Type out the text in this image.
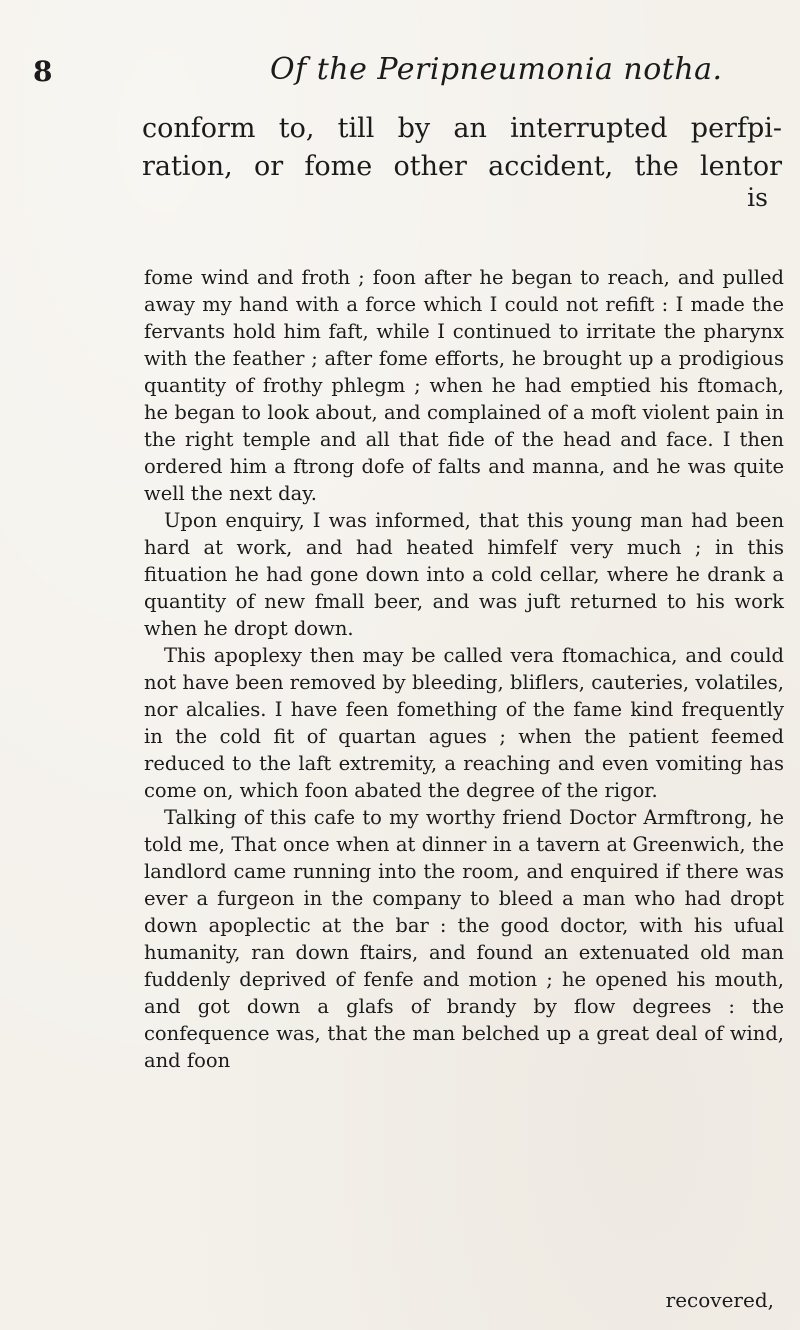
8	Of the Peripneumonia notha.
conform to, till by an interrupted perfpi-
ration, or fome other accident, the lentor
is

fome wind and froth ; foon after he began to reach, and pulled away my hand with a force which I could not refift : I made the fervants hold him faft, while I continued to irritate the pharynx with the feather ; after fome efforts, he brought up a prodigious quantity of frothy phlegm ; when he had emptied his ftomach, he began to look about, and complained of a moft violent pain in the right temple and all that fide of the head and face. I then ordered him a ftrong dofe of falts and manna, and he was quite well the next day.

Upon enquiry, I was informed, that this young man had been hard at work, and had heated himfelf very much ; in this fituation he had gone down into a cold cellar, where he drank a quantity of new fmall beer, and was juft returned to his work when he dropt down.

This apoplexy then may be called vera ftomachica, and could not have been removed by bleeding, bliflers, cauteries, volatiles, nor alcalies. I have feen fomething of the fame kind frequently in the cold fit of quartan agues ; when the patient feemed reduced to the laft extremity, a reaching and even vomiting has come on, which foon abated the degree of the rigor.

Talking of this cafe to my worthy friend Doctor Armftrong, he told me, That once when at dinner in a tavern at Greenwich, the landlord came running into the room, and enquired if there was ever a furgeon in the company to bleed a man who had dropt down apoplectic at the bar : the good doctor, with his ufual humanity, ran down ftairs, and found an extenuated old man fuddenly deprived of fenfe and motion ; he opened his mouth, and got down a glafs of brandy by flow degrees : the confequence was, that the man belched up a great deal of wind, and foon

recovered,
